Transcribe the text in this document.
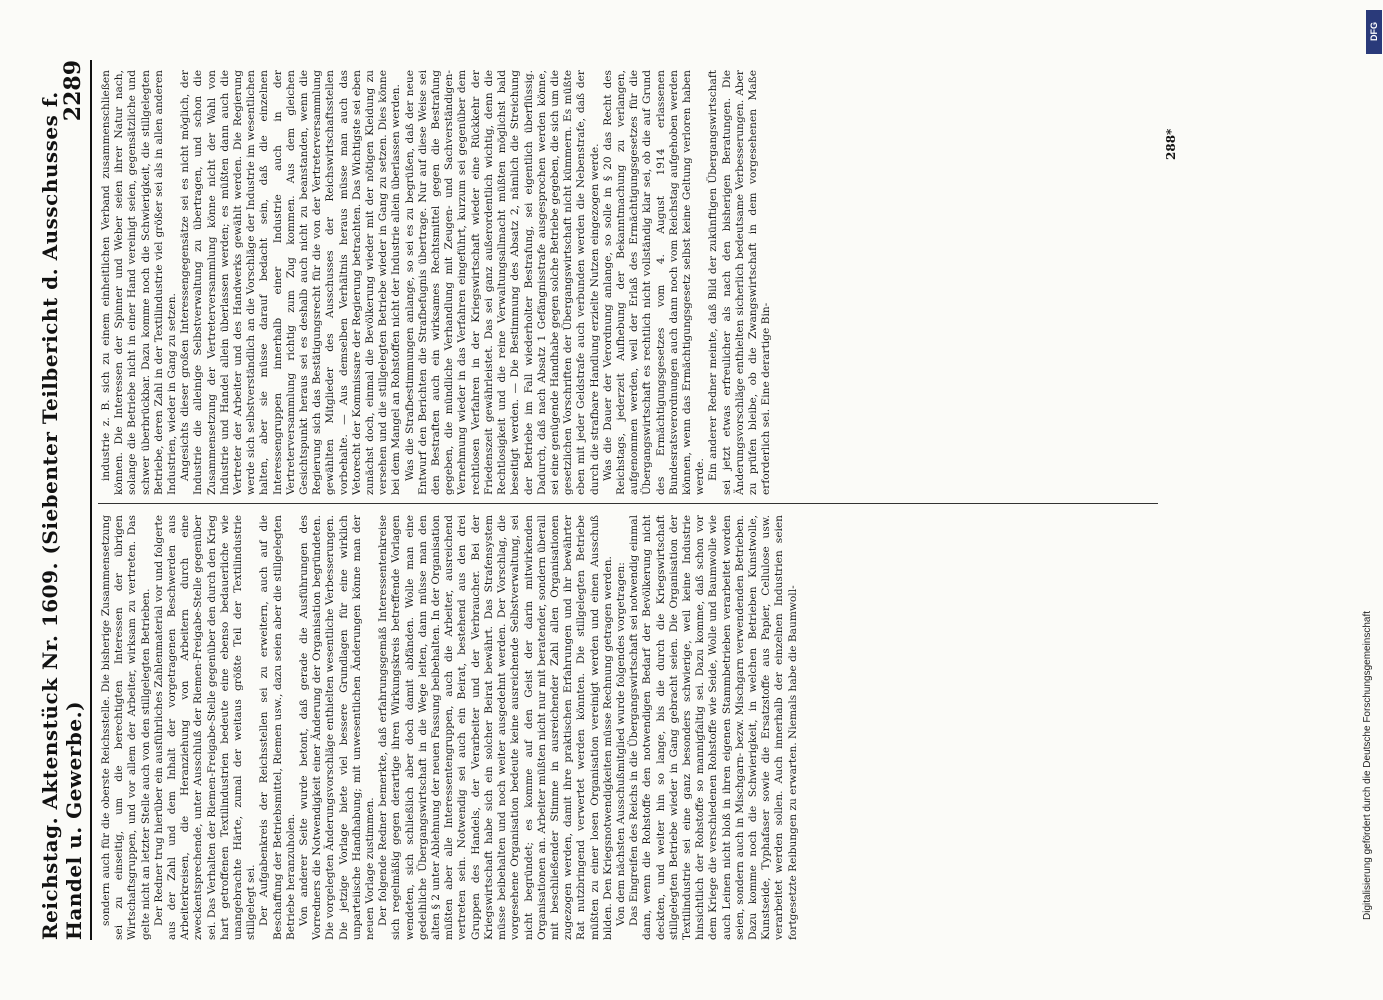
Reichstag. Aktenstück Nr. 1609. (Siebenter Teilbericht d. Ausschusses f. Handel u. Gewerbe.)
2289

sondern auch für die oberste Reichsstelle. Die bisherige Zusammensetzung sei zu einseitig, um die berechtigten Interessen der übrigen Wirtschaftsgruppen, und vor allem der Arbeiter, wirksam zu vertreten. Das gelte nicht an letzter Stelle auch von den stillgelegten Betrieben. Der Redner trug hierüber ein ausführliches Zahlenmaterial vor und folgerte aus der Zahl und dem Inhalt der vorgetragenen Beschwerden aus Arbeiterkreisen, die Heranziehung von Arbeitern durch eine zweckentsprechende, unter Ausschluß der Riemen-Freigabe-Stelle gegenüber sei. Das Verhalten der Riemen-Freigabe-Stelle gegenüber den durch den Krieg hart getroffenen Textilindustrien bedeute eine ebenso bedauerliche wie unangebrachte Härte, zumal der weitaus größte Teil der Textilindustrie stillgelegt sei. Der Aufgabenkreis der Reichsstellen sei zu erweitern, auch auf die Beschaffung der Betriebsmittel, Riemen usw., dazu seien aber die stillgelegten Betriebe heranzuholen. Von anderer Seite wurde betont, daß gerade die Ausführungen des Vorredners die Notwendigkeit einer Änderung der Organisation begründeten. Die vorgelegten Änderungsvorschläge enthielten wesentliche Verbesserungen. Die jetzige Vorlage biete viel bessere Grundlagen für eine wirklich unparteiische Handhabung; mit unwesentlichen Änderungen könne man der neuen Vorlage zustimmen. Der folgende Redner bemerkte, daß erfahrungsgemäß Interessentenkreise sich regelmäßig gegen derartige ihren Wirkungskreis betreffende Vorlagen wendeten, sich schließlich aber doch damit abfänden. Wolle man eine gedeihliche Übergangswirtschaft in die Wege leiten, dann müsse man den alten § 2 unter Ablehnung der neuen Fassung beibehalten. In der Organisation müßten aber alle Interessentengruppen, auch die Arbeiter, ausreichend vertreten sein. Notwendig sei auch ein Beirat, bestehend aus den drei Gruppen des Handels, der Verarbeiter und der Verbraucher. Bei der Kriegswirtschaft habe sich ein solcher Beirat bewährt. Das Strafensystem müsse beibehalten und noch weiter ausgedehnt werden. Der Vorschlag, die vorgesehene Organisation bedeute keine ausreichende Selbstverwaltung, sei nicht begründet; es komme auf den Geist der darin mitwirkenden Organisationen an. Arbeiter müßten nicht nur mit beratender, sondern überall mit beschließender Stimme in ausreichender Zahl allen Organisationen zugezogen werden, damit ihre praktischen Erfahrungen und ihr bewährter Rat nutzbringend verwertet werden könnten. Die stillgelegten Betriebe müßten zu einer losen Organisation vereinigt werden und einen Ausschuß bilden. Den Kriegsnotwendigkeiten müsse Rechnung getragen werden. Von dem nächsten Ausschußmitglied wurde folgendes vorgetragen: Das Eingreifen des Reichs in die Übergangswirtschaft sei notwendig einmal dann, wenn die Rohstoffe den notwendigen Bedarf der Bevölkerung nicht deckten, und weiter hin so lange, bis die durch die Kriegswirtschaft stillgelegten Betriebe wieder in Gang gebracht seien. Die Organisation der Textilindustrie sei eine ganz besonders schwierige, weil keine Industrie hinsichtlich der Rohstoffe so mannigfaltig sei. Dazu komme, daß schon vor dem Kriege die verschiedenen Rohstoffe wie Seide, Wolle und Baumwolle wie auch Leinen nicht bloß in ihren eigenen Stammbetrieben verarbeitet worden seien, sondern auch in Mischgarn- bezw. Mischgarn verwendenden Betrieben. Dazu komme noch die Schwierigkeit, in welchen Betrieben Kunstwolle, Kunstseide, Typhafaser sowie die Ersatzstoffe aus Papier, Cellulose usw. verarbeitet werden sollen. Auch innerhalb der einzelnen Industrien seien fortgesetzte Reibungen zu erwarten. Niemals habe die Baumwoll-

industrie z. B. sich zu einem einheitlichen Verband zusammenschließen können. Die Interessen der Spinner und Weber seien ihrer Natur nach, solange die Betriebe nicht in einer Hand vereinigt seien, gegensätzliche und schwer überbrückbar. Dazu komme noch die Schwierigkeit, die stillgelegten Betriebe, deren Zahl in der Textilindustrie viel größer sei als in allen anderen Industrien, wieder in Gang zu setzen. Angesichts dieser großen Interessengegensätze sei es nicht möglich, der Industrie die alleinige Selbstverwaltung zu übertragen, und schon die Zusammensetzung der Vertreterversammlung könne nicht der Wahl von Industrie und Handel allein überlassen werden; es müßten dann auch die Vertreter der Arbeiter und des Handwerks gewählt werden. Die Regierung werde sich selbstverständlich an die Vorschläge der Industrie im wesentlichen halten, aber sie müsse darauf bedacht sein, daß die einzelnen Interessengruppen innerhalb einer Industrie auch in der Vertreterversammlung richtig zum Zug kommen. Aus dem gleichen Gesichtspunkt heraus sei es deshalb auch nicht zu beanstanden, wenn die Regierung sich das Bestätigungsrecht für die von der Vertreterversammlung gewählten Mitglieder des Ausschusses der Reichswirtschaftsstellen vorbehalte. — Aus demselben Verhältnis heraus müsse man auch das Vetorecht der Kommissare der Regierung betrachten. Das Wichtigste sei eben zunächst doch, einmal die Bevölkerung wieder mit der nötigen Kleidung zu versehen und die stillgelegten Betriebe wieder in Gang zu setzen. Dies könne bei dem Mangel an Rohstoffen nicht der Industrie allein überlassen werden. Was die Strafbestimmungen anlange, so sei es zu begrüßen, daß der neue Entwurf den Berichten die Strafbefugnis übertrage. Nur auf diese Weise sei den Bestraften auch ein wirksames Rechtsmittel gegen die Bestrafung gegeben, die mündliche Verhandlung mit Zeugen- und Sachverständigen-Vernehmung wieder in das Verfahren eingeführt, kurzum sei gegenüber dem rechtlosen Verfahren in der Kriegswirtschaft wieder eine Rückkehr der Friedenszeit gewährleistet. Das sei ganz außerordentlich wichtig, denn die Rechtlosigkeit und die reine Verwaltungsallmacht müßten möglichst bald beseitigt werden. — Die Bestimmung des Absatz 2, nämlich die Streichung der Betriebe im Fall wiederholter Bestrafung, sei eigentlich überflüssig. Dadurch, daß nach Absatz 1 Gefängnisstrafe ausgesprochen werden könne, sei eine genügende Handhabe gegen solche Betriebe gegeben, die sich um die gesetzlichen Vorschriften der Übergangswirtschaft nicht kümmern. Es müßte eben mit jeder Geldstrafe auch verbunden werden die Nebenstrafe, daß der durch die strafbare Handlung erzielte Nutzen eingezogen werde. Was die Dauer der Verordnung anlange, so solle in § 20 das Recht des Reichstags, jederzeit Aufhebung der Bekanntmachung zu verlangen, aufgenommen werden, weil der Erlaß des Ermächtigungsgesetzes für die Übergangswirtschaft es rechtlich nicht vollständig klar sei, ob die auf Grund des Ermächtigungsgesetzes vom 4. August 1914 erlassenen Bundesratsverordnungen auch dann noch vom Reichstag aufgehoben werden können, wenn das Ermächtigungsgesetz selbst keine Geltung verloren haben werde. Ein anderer Redner meinte, daß Bild der zukünftigen Übergangswirtschaft sei jetzt etwas erfreulicher als nach den bisherigen Beratungen. Die Änderungsvorschläge enthielten sicherlich bedeutsame Verbesserungen. Aber zu prüfen bleibe, ob die Zwangswirtschaft in dem vorgesehenen Maße erforderlich sei. Eine derartige Bin-

288*
DFG
Digitalisierung gefördert durch die Deutsche Forschungsgemeinschaft
